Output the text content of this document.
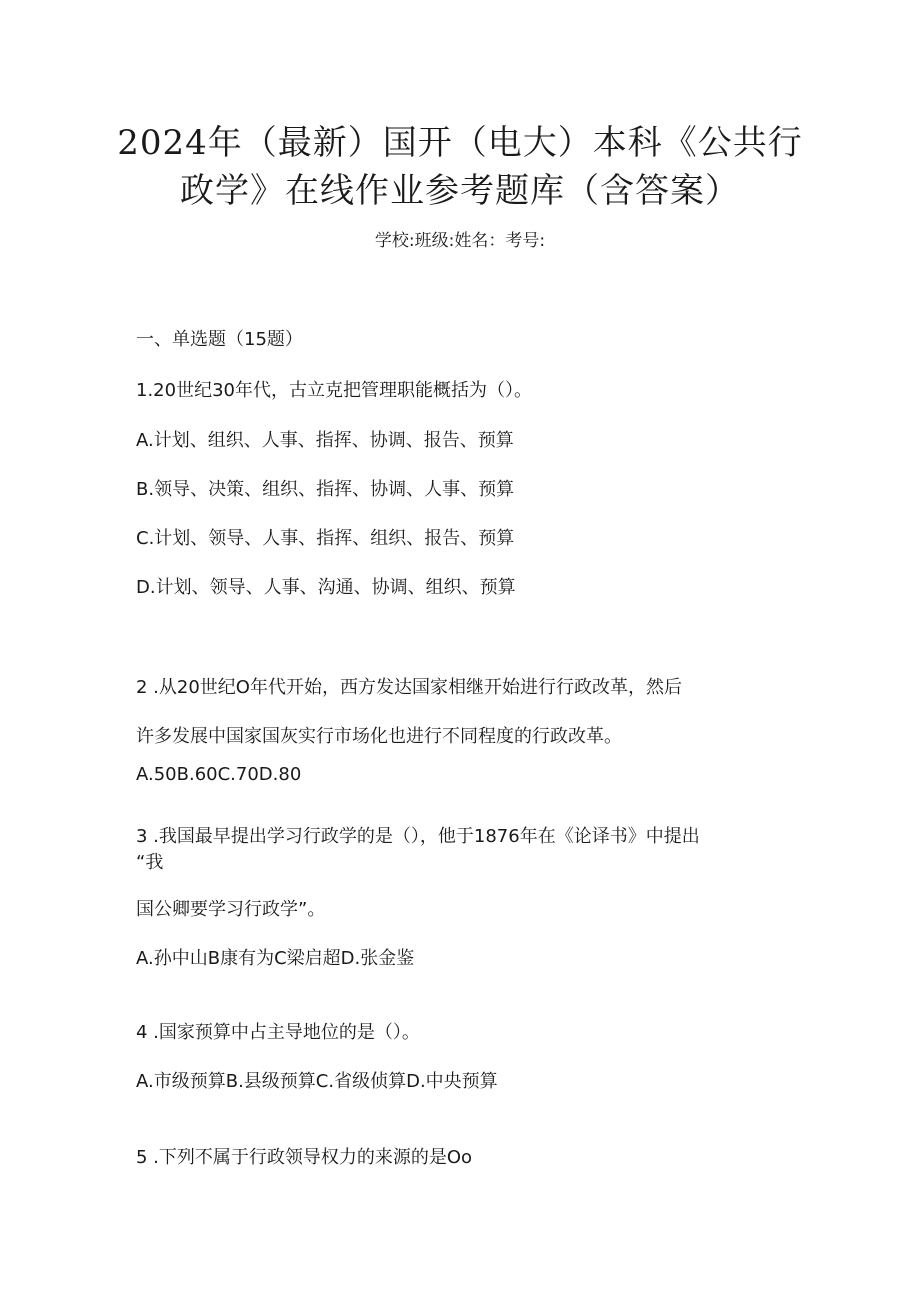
2024年（最新）国开（电大）本科《公共行
政学》在线作业参考题库（含答案）
学校:班级:姓名：考号:
一、单选题（15题）
1.20世纪30年代，古立克把管理职能概括为（）。
A.计划、组织、人事、指挥、协调、报告、预算
B.领导、决策、组织、指挥、协调、人事、预算
C.计划、领导、人事、指挥、组织、报告、预算
D.计划、领导、人事、沟通、协调、组织、预算
2 .从20世纪O年代开始，西方发达国家相继开始进行行政改革，然后
许多发展中国家国灰实行市场化也进行不同程度的行政改革。
A.50B.60C.70D.80
3 .我国最早提出学习行政学的是（），他于1876年在《论译书》中提出
“我
国公卿要学习行政学”。
A.孙中山B康有为C梁启超D.张金鉴
4 .国家预算中占主导地位的是（）。
A.市级预算B.县级预算C.省级侦算D.中央预算
5 .下列不属于行政领导权力的来源的是Oo
